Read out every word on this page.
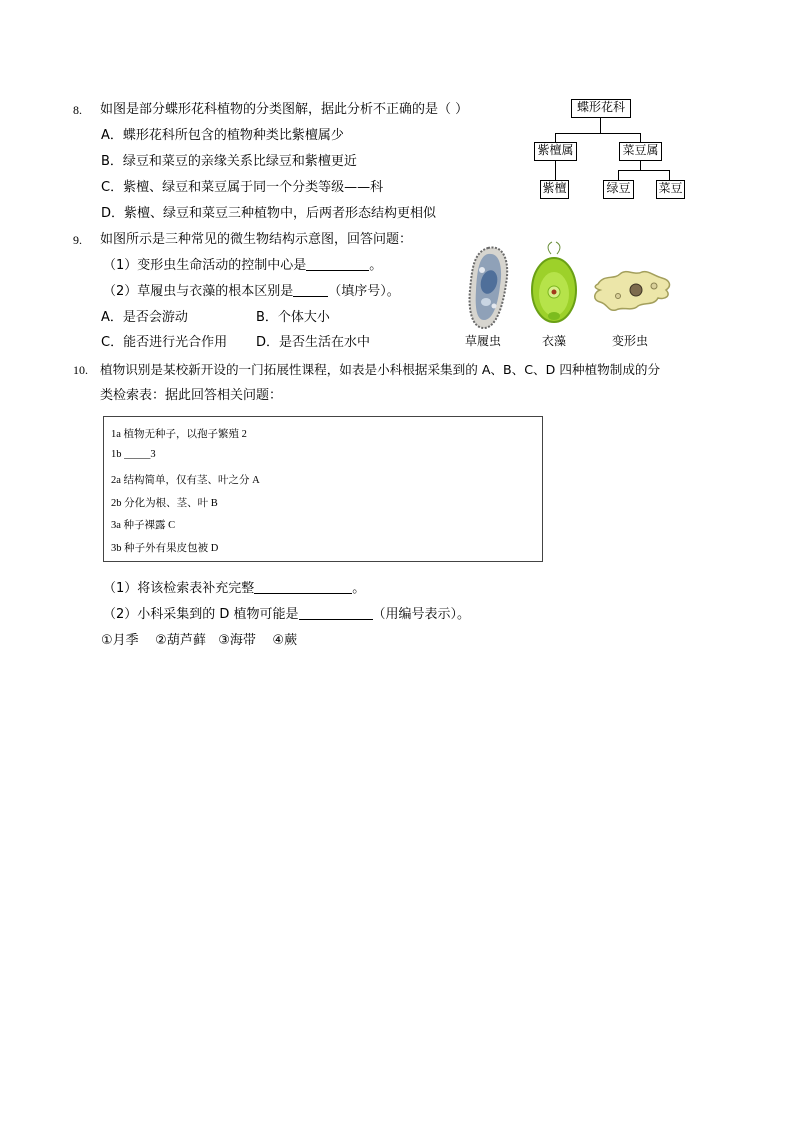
8. 如图是部分蝶形花科植物的分类图解，据此分析不正确的是（ ）
A．蝶形花科所包含的植物种类比紫檀属少
B．绿豆和菜豆的亲缘关系比绿豆和紫檀更近
C．紫檀、绿豆和菜豆属于同一个分类等级——科
D．紫檀、绿豆和菜豆三种植物中，后两者形态结构更相似
蝶形花科
紫檀属	菜豆属
紫檀	绿豆 菜豆
9. 如图所示是三种常见的微生物结构示意图，回答问题：
（1）变形虫生命活动的控制中心是	。
（2）草履虫与衣藻的根本区别是	（填序号）。
A．是否会游动	B．个体大小
C．能否进行光合作用 D．是否生活在水中	草履虫	衣藻	变形虫
10. 植物识别是某校新开设的一门拓展性课程，如表是小科根据采集到的 A、B、C、D 四种植物制成的分
类检索表：据此回答相关问题：
1a 植物无种子，以孢子繁殖 2
1b _____3
2a 结构简单，仅有茎、叶之分 A
2b 分化为根、茎、叶 B
3a 种子裸露 C
3b 种子外有果皮包被 D
（1）将该检索表补充完整	。
（2）小科采集到的 D 植物可能是	（用编号表示）。
①月季    ②葫芦藓   ③海带    ④蕨
